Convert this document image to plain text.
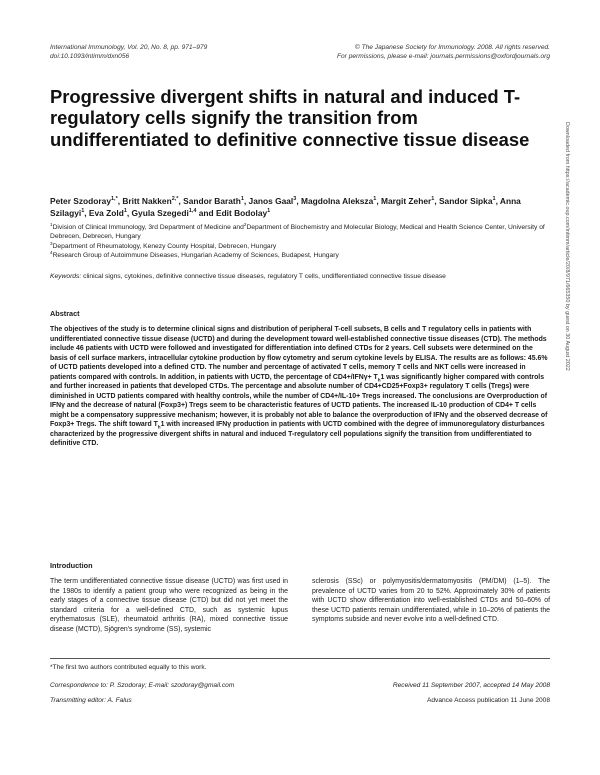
International Immunology, Vol. 20, No. 8, pp. 971–979
doi:10.1093/intimm/dxn056
© The Japanese Society for Immunology. 2008. All rights reserved.
For permissions, please e-mail: journals.permissions@oxfordjournals.org
Progressive divergent shifts in natural and induced T-regulatory cells signify the transition from undifferentiated to definitive connective tissue disease
Peter Szodoray$^{1,*}$, Britt Nakken$^{2,*}$, Sandor Barath$^1$, Janos Gaal$^3$, Magdolna Aleksza$^1$, Margit Zeher$^1$, Sandor Sipka$^1$, Anna Szilagyi$^1$, Eva Zold$^1$, Gyula Szegedi$^{1,4}$ and Edit Bodolay$^1$
$^1$Division of Clinical Immunology, 3rd Department of Medicine and$^2$Department of Biochemistry and Molecular Biology, Medical and Health Science Center, University of Debrecen, Debrecen, Hungary
$^3$Department of Rheumatology, Kenezy County Hospital, Debrecen, Hungary
$^4$Research Group of Autoimmune Diseases, Hungarian Academy of Sciences, Budapest, Hungary
Keywords: clinical signs, cytokines, definitive connective tissue diseases, regulatory T cells, undifferentiated connective tissue disease
Abstract
The objectives of the study is to determine clinical signs and distribution of peripheral T-cell subsets, B cells and T regulatory cells in patients with undifferentiated connective tissue disease (UCTD) and during the development toward well-established connective tissue diseases (CTD). The methods include 46 patients with UCTD were followed and investigated for differentiation into defined CTDs for 2 years. Cell subsets were determined on the basis of cell surface markers, intracellular cytokine production by flow cytometry and serum cytokine levels by ELISA. The results are as follows: 45.6% of UCTD patients developed into a defined CTD. The number and percentage of activated T cells, memory T cells and NKT cells were increased in patients compared with controls. In addition, in patients with UCTD, the percentage of $CD4+/IFN\gamma+ T_h1$ was significantly higher compared with controls and further increased in patients that developed CTDs. The percentage and absolute number of CD4+CD25+Foxp3+ regulatory T cells (Tregs) were diminished in UCTD patients compared with healthy controls, while the number of CD4+/IL-10+ Tregs increased. The conclusions are Overproduction of IFNγ and the decrease of natural (Foxp3+) Tregs seem to be characteristic features of UCTD patients. The increased IL-10 production of CD4+ T cells might be a compensatory suppressive mechanism; however, it is probably not able to balance the overproduction of IFNγ and the observed decrease of Foxp3+ Tregs. The shift toward $T_h1$ with increased IFNγ production in patients with UCTD combined with the degree of immunoregulatory disturbances characterized by the progressive divergent shifts in natural and induced T-regulatory cell populations signify the transition from undifferentiated to definitive CTD.
Introduction
The term undifferentiated connective tissue disease (UCTD) was first used in the 1980s to identify a patient group who were recognized as being in the early stages of a connective tissue disease (CTD) but did not yet meet the standard criteria for a well-defined CTD, such as systemic lupus erythematosus (SLE), rheumatoid arthritis (RA), mixed connective tissue disease (MCTD), Sjögren's syndrome (SS), systemic
sclerosis (SSc) or polymyositis/dermatomyositis (PM/DM) (1–5). The prevalence of UCTD varies from 20 to 52%. Approximately 30% of patients with UCTD show differentiation into well-established CTDs and 50–60% of these UCTD patients remain undifferentiated, while in 10–20% of patients the symptoms subside and never evolve into a well-defined CTD.
*The first two authors contributed equally to this work.
Correspondence to: P. Szodoray; E-mail: szodoray@gmail.com	Received 11 September 2007, accepted 14 May 2008
Transmitting editor: A. Falus	Advance Access publication 11 June 2008
Downloaded from https://academic.oup.com/intimm/article/20/8/971/665350 by guest on 30 August 2022
